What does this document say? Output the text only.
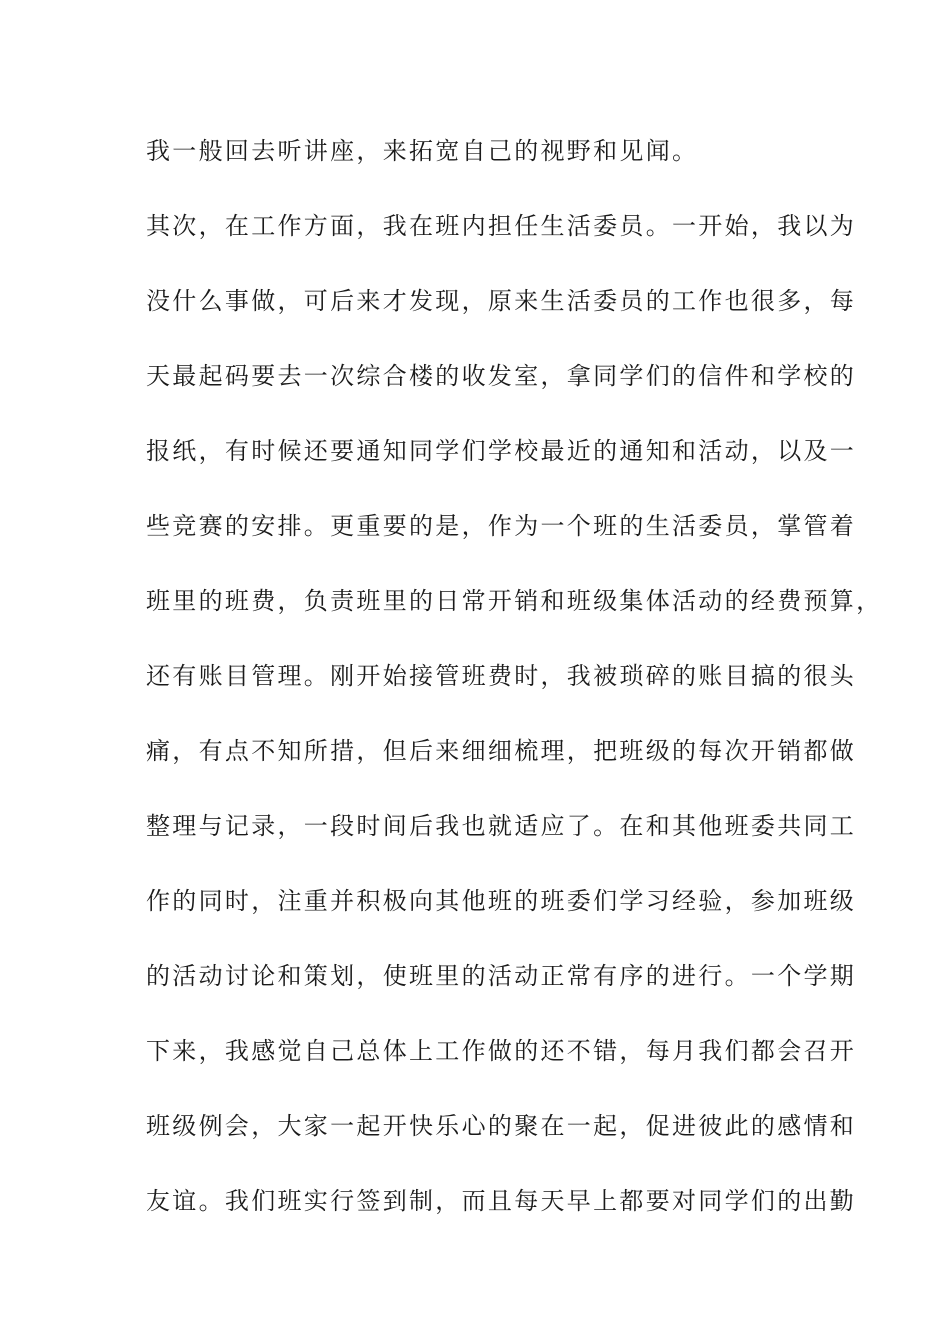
我一般回去听讲座，来拓宽自己的视野和见闻。
其次，在工作方面，我在班内担任生活委员。一开始，我以为
没什么事做，可后来才发现，原来生活委员的工作也很多，每
天最起码要去一次综合楼的收发室，拿同学们的信件和学校的
报纸，有时候还要通知同学们学校最近的通知和活动，以及一
些竞赛的安排。更重要的是，作为一个班的生活委员，掌管着
班里的班费，负责班里的日常开销和班级集体活动的经费预算，
还有账目管理。刚开始接管班费时，我被琐碎的账目搞的很头
痛，有点不知所措，但后来细细梳理，把班级的每次开销都做
整理与记录，一段时间后我也就适应了。在和其他班委共同工
作的同时，注重并积极向其他班的班委们学习经验，参加班级
的活动讨论和策划，使班里的活动正常有序的进行。一个学期
下来，我感觉自己总体上工作做的还不错，每月我们都会召开
班级例会，大家一起开快乐心的聚在一起，促进彼此的感情和
友谊。我们班实行签到制，而且每天早上都要对同学们的出勤
